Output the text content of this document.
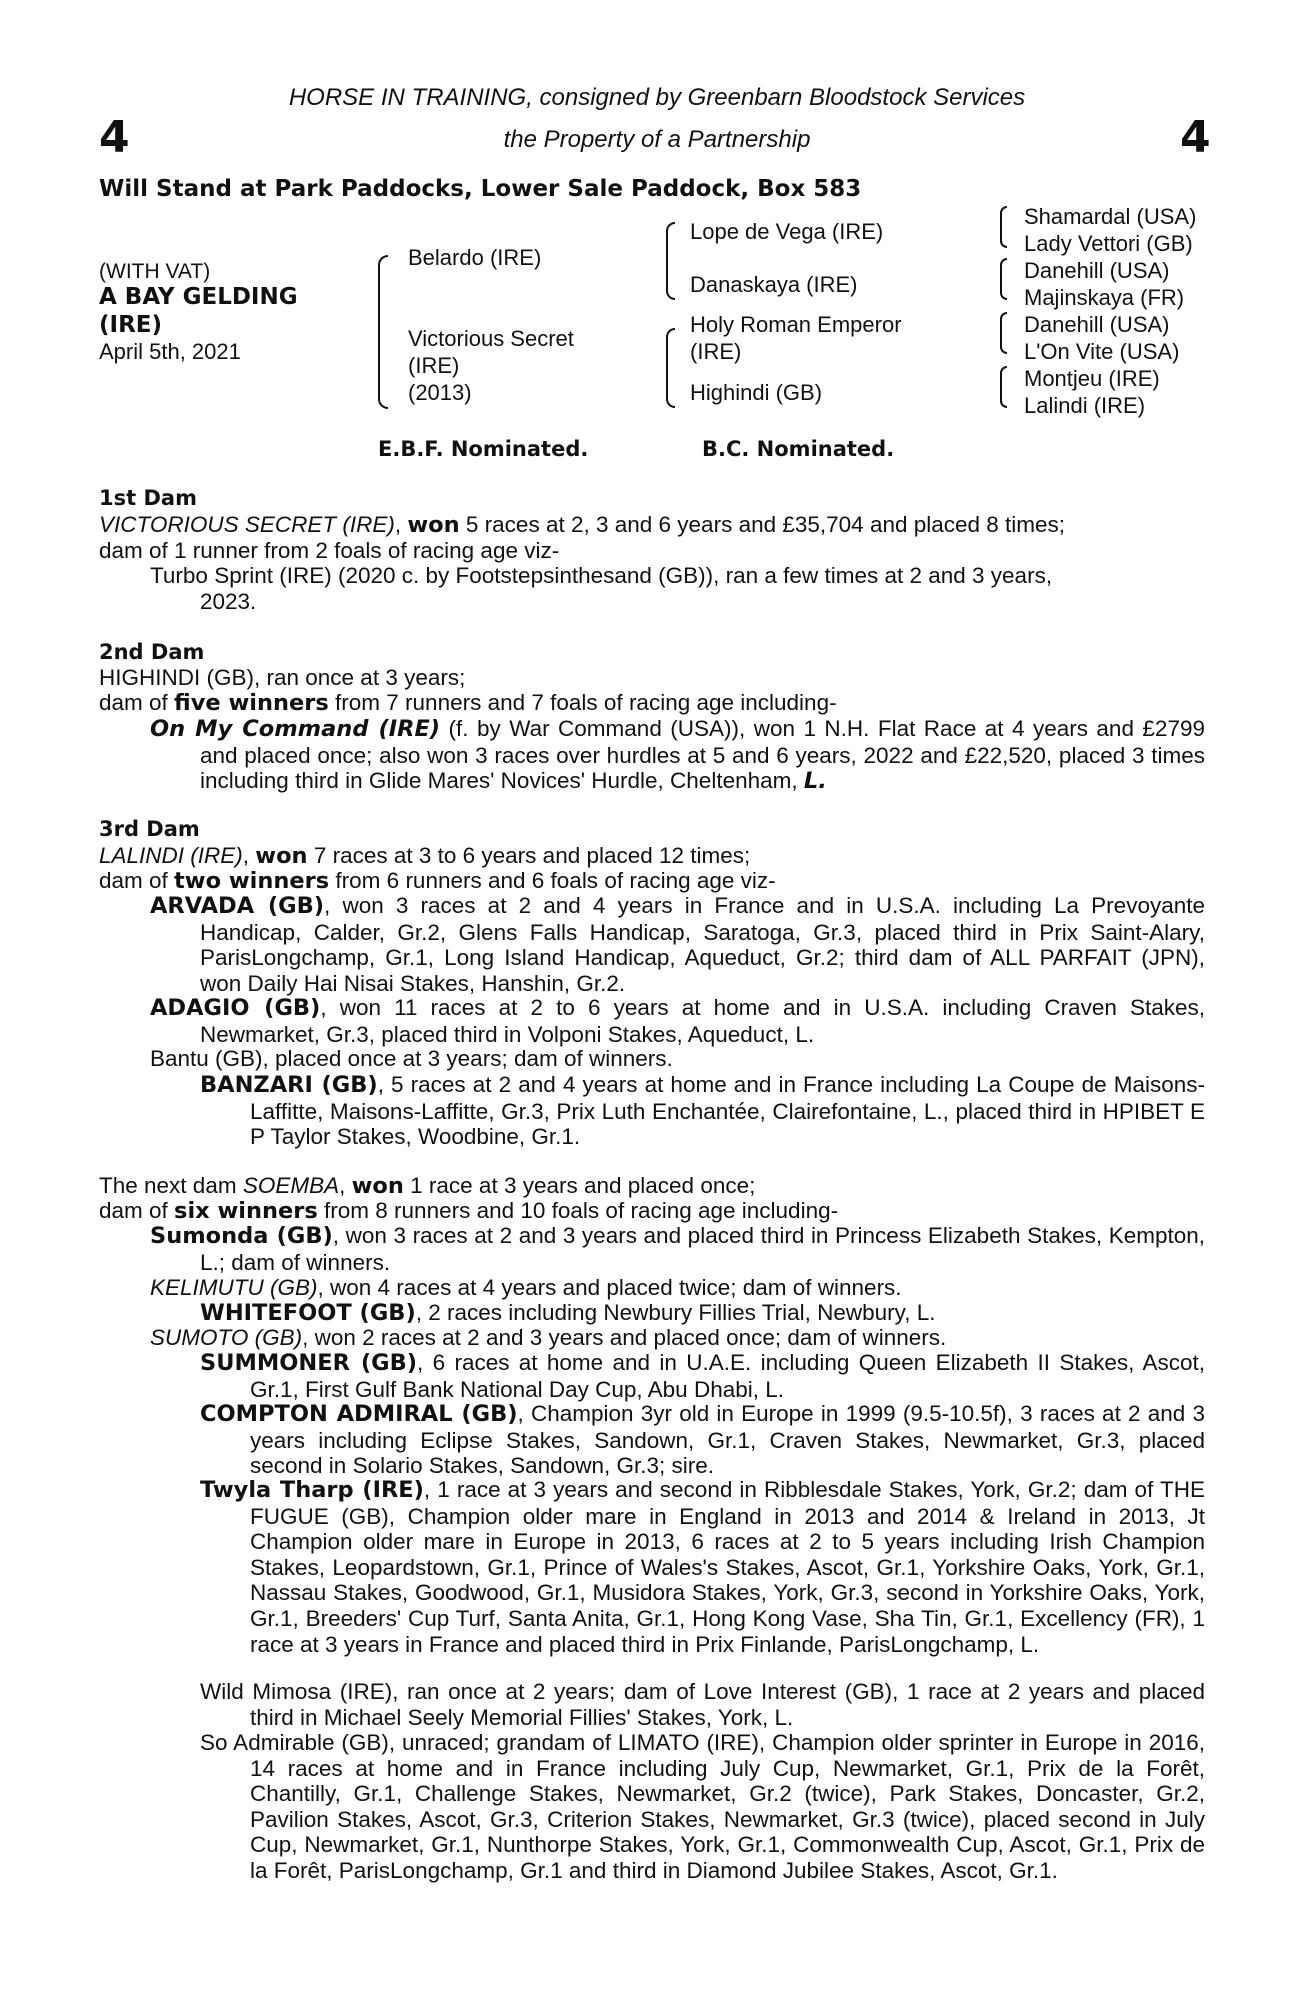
HORSE IN TRAINING, consigned by Greenbarn Bloodstock Services
the Property of a Partnership
4	4
Will Stand at Park Paddocks, Lower Sale Paddock, Box 583
(WITH VAT)
A BAY GELDING
(IRE)
April 5th, 2021
Belardo (IRE)
Victorious Secret
(IRE)
(2013)
Lope de Vega (IRE)
Danaskaya (IRE)
Holy Roman Emperor
(IRE)
Highindi (GB)
Shamardal (USA)
Lady Vettori (GB)
Danehill (USA)
Majinskaya (FR)
Danehill (USA)
L'On Vite (USA)
Montjeu (IRE)
Lalindi (IRE)
E.B.F. Nominated.	B.C. Nominated.
1st Dam
VICTORIOUS SECRET (IRE), won 5 races at 2, 3 and 6 years and £35,704 and placed 8 times;
dam of 1 runner from 2 foals of racing age viz-
Turbo Sprint (IRE) (2020 c. by Footstepsinthesand (GB)), ran a few times at 2 and 3 years,
2023.
2nd Dam
HIGHINDI (GB), ran once at 3 years;
dam of five winners from 7 runners and 7 foals of racing age including-
On My Command (IRE) (f. by War Command (USA)), won 1 N.H. Flat Race at 4 years and £2799 and placed once; also won 3 races over hurdles at 5 and 6 years, 2022 and £22,520, placed 3 times including third in Glide Mares' Novices' Hurdle, Cheltenham, L.
3rd Dam
LALINDI (IRE), won 7 races at 3 to 6 years and placed 12 times;
dam of two winners from 6 runners and 6 foals of racing age viz-
ARVADA (GB), won 3 races at 2 and 4 years in France and in U.S.A. including La Prevoyante Handicap, Calder, Gr.2, Glens Falls Handicap, Saratoga, Gr.3, placed third in Prix Saint-Alary, ParisLongchamp, Gr.1, Long Island Handicap, Aqueduct, Gr.2; third dam of ALL PARFAIT (JPN), won Daily Hai Nisai Stakes, Hanshin, Gr.2.
ADAGIO (GB), won 11 races at 2 to 6 years at home and in U.S.A. including Craven Stakes, Newmarket, Gr.3, placed third in Volponi Stakes, Aqueduct, L.
Bantu (GB), placed once at 3 years; dam of winners.
BANZARI (GB), 5 races at 2 and 4 years at home and in France including La Coupe de Maisons-Laffitte, Maisons-Laffitte, Gr.3, Prix Luth Enchantée, Clairefontaine, L., placed third in HPIBET E P Taylor Stakes, Woodbine, Gr.1.
The next dam SOEMBA, won 1 race at 3 years and placed once;
dam of six winners from 8 runners and 10 foals of racing age including-
Sumonda (GB), won 3 races at 2 and 3 years and placed third in Princess Elizabeth Stakes, Kempton, L.; dam of winners.
KELIMUTU (GB), won 4 races at 4 years and placed twice; dam of winners.
WHITEFOOT (GB), 2 races including Newbury Fillies Trial, Newbury, L.
SUMOTO (GB), won 2 races at 2 and 3 years and placed once; dam of winners.
SUMMONER (GB), 6 races at home and in U.A.E. including Queen Elizabeth II Stakes, Ascot, Gr.1, First Gulf Bank National Day Cup, Abu Dhabi, L.
COMPTON ADMIRAL (GB), Champion 3yr old in Europe in 1999 (9.5-10.5f), 3 races at 2 and 3 years including Eclipse Stakes, Sandown, Gr.1, Craven Stakes, Newmarket, Gr.3, placed second in Solario Stakes, Sandown, Gr.3; sire.
Twyla Tharp (IRE), 1 race at 3 years and second in Ribblesdale Stakes, York, Gr.2; dam of THE FUGUE (GB), Champion older mare in England in 2013 and 2014 & Ireland in 2013, Jt Champion older mare in Europe in 2013, 6 races at 2 to 5 years including Irish Champion Stakes, Leopardstown, Gr.1, Prince of Wales's Stakes, Ascot, Gr.1, Yorkshire Oaks, York, Gr.1, Nassau Stakes, Goodwood, Gr.1, Musidora Stakes, York, Gr.3, second in Yorkshire Oaks, York, Gr.1, Breeders' Cup Turf, Santa Anita, Gr.1, Hong Kong Vase, Sha Tin, Gr.1, Excellency (FR), 1 race at 3 years in France and placed third in Prix Finlande, ParisLongchamp, L.
Wild Mimosa (IRE), ran once at 2 years; dam of Love Interest (GB), 1 race at 2 years and placed third in Michael Seely Memorial Fillies' Stakes, York, L.
So Admirable (GB), unraced; grandam of LIMATO (IRE), Champion older sprinter in Europe in 2016, 14 races at home and in France including July Cup, Newmarket, Gr.1, Prix de la Forêt, Chantilly, Gr.1, Challenge Stakes, Newmarket, Gr.2 (twice), Park Stakes, Doncaster, Gr.2, Pavilion Stakes, Ascot, Gr.3, Criterion Stakes, Newmarket, Gr.3 (twice), placed second in July Cup, Newmarket, Gr.1, Nunthorpe Stakes, York, Gr.1, Commonwealth Cup, Ascot, Gr.1, Prix de la Forêt, ParisLongchamp, Gr.1 and third in Diamond Jubilee Stakes, Ascot, Gr.1.
